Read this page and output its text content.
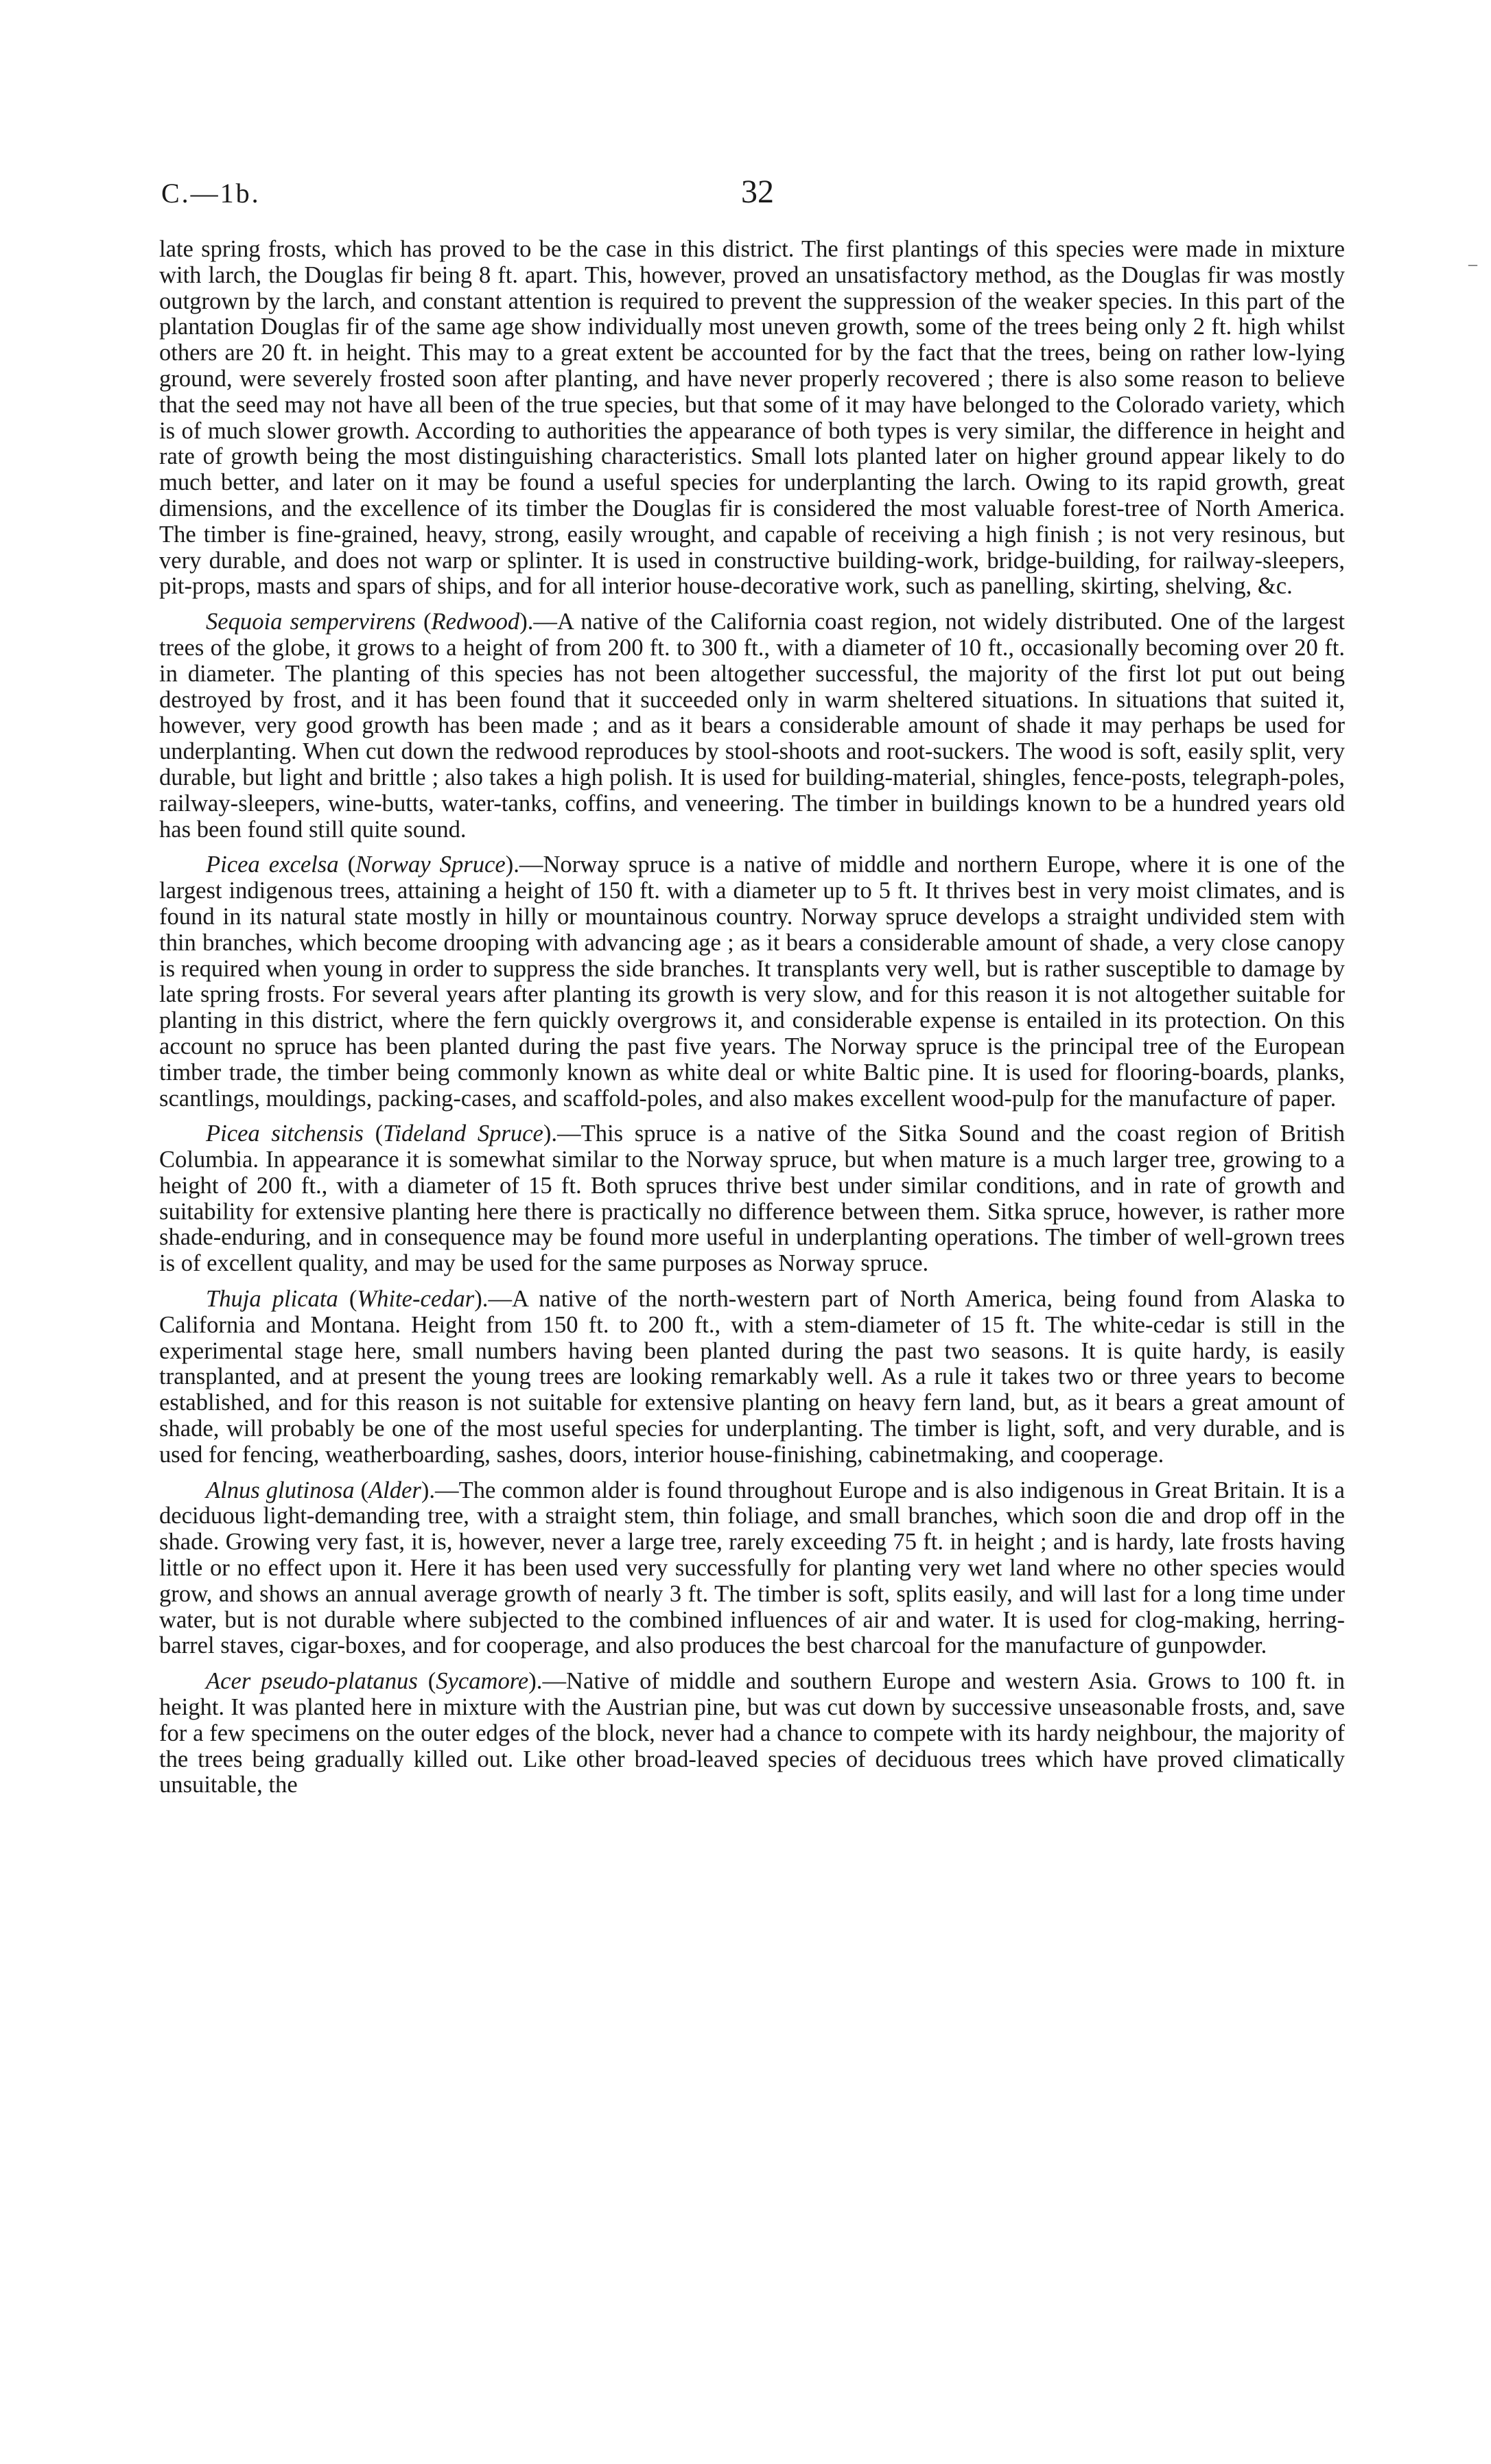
C.—1b.	32
–

late spring frosts, which has proved to be the case in this district. The first plantings of this species were made in mixture with larch, the Douglas fir being 8 ft. apart. This, however, proved an unsatisfactory method, as the Douglas fir was mostly outgrown by the larch, and constant attention is required to prevent the suppression of the weaker species. In this part of the plantation Douglas fir of the same age show individually most uneven growth, some of the trees being only 2 ft. high whilst others are 20 ft. in height. This may to a great extent be accounted for by the fact that the trees, being on rather low-lying ground, were severely frosted soon after planting, and have never properly recovered ; there is also some reason to believe that the seed may not have all been of the true species, but that some of it may have belonged to the Colorado variety, which is of much slower growth. According to authorities the appearance of both types is very similar, the difference in height and rate of growth being the most distinguishing characteristics. Small lots planted later on higher ground appear likely to do much better, and later on it may be found a useful species for underplanting the larch. Owing to its rapid growth, great dimensions, and the excellence of its timber the Douglas fir is considered the most valuable forest-tree of North America. The timber is fine-grained, heavy, strong, easily wrought, and capable of receiving a high finish ; is not very resinous, but very durable, and does not warp or splinter. It is used in constructive building-work, bridge-building, for railway-sleepers, pit-props, masts and spars of ships, and for all interior house-decorative work, such as panelling, skirting, shelving, &c.

Sequoia sempervirens (Redwood).—A native of the California coast region, not widely distributed. One of the largest trees of the globe, it grows to a height of from 200 ft. to 300 ft., with a diameter of 10 ft., occasionally becoming over 20 ft. in diameter. The planting of this species has not been altogether successful, the majority of the first lot put out being destroyed by frost, and it has been found that it succeeded only in warm sheltered situations. In situations that suited it, however, very good growth has been made ; and as it bears a considerable amount of shade it may perhaps be used for underplanting. When cut down the redwood reproduces by stool-shoots and root-suckers. The wood is soft, easily split, very durable, but light and brittle ; also takes a high polish. It is used for building-material, shingles, fence-posts, telegraph-poles, railway-sleepers, wine-butts, water-tanks, coffins, and veneering. The timber in buildings known to be a hundred years old has been found still quite sound.

Picea excelsa (Norway Spruce).—Norway spruce is a native of middle and northern Europe, where it is one of the largest indigenous trees, attaining a height of 150 ft. with a diameter up to 5 ft. It thrives best in very moist climates, and is found in its natural state mostly in hilly or mountainous country. Norway spruce develops a straight undivided stem with thin branches, which become drooping with advancing age ; as it bears a considerable amount of shade, a very close canopy is required when young in order to suppress the side branches. It transplants very well, but is rather susceptible to damage by late spring frosts. For several years after planting its growth is very slow, and for this reason it is not altogether suitable for planting in this district, where the fern quickly overgrows it, and considerable expense is entailed in its protection. On this account no spruce has been planted during the past five years. The Norway spruce is the principal tree of the European timber trade, the timber being commonly known as white deal or white Baltic pine. It is used for flooring-boards, planks, scantlings, mouldings, packing-cases, and scaffold-poles, and also makes excellent wood-pulp for the manufacture of paper.

Picea sitchensis (Tideland Spruce).—This spruce is a native of the Sitka Sound and the coast region of British Columbia. In appearance it is somewhat similar to the Norway spruce, but when mature is a much larger tree, growing to a height of 200 ft., with a diameter of 15 ft. Both spruces thrive best under similar conditions, and in rate of growth and suitability for extensive planting here there is practically no difference between them. Sitka spruce, however, is rather more shade-enduring, and in consequence may be found more useful in underplanting operations. The timber of well-grown trees is of excellent quality, and may be used for the same purposes as Norway spruce.

Thuja plicata (White-cedar).—A native of the north-western part of North America, being found from Alaska to California and Montana. Height from 150 ft. to 200 ft., with a stem-diameter of 15 ft. The white-cedar is still in the experimental stage here, small numbers having been planted during the past two seasons. It is quite hardy, is easily transplanted, and at present the young trees are looking remarkably well. As a rule it takes two or three years to become established, and for this reason is not suitable for extensive planting on heavy fern land, but, as it bears a great amount of shade, will probably be one of the most useful species for underplanting. The timber is light, soft, and very durable, and is used for fencing, weatherboarding, sashes, doors, interior house-finishing, cabinetmaking, and cooperage.

Alnus glutinosa (Alder).—The common alder is found throughout Europe and is also indigenous in Great Britain. It is a deciduous light-demanding tree, with a straight stem, thin foliage, and small branches, which soon die and drop off in the shade. Growing very fast, it is, however, never a large tree, rarely exceeding 75 ft. in height ; and is hardy, late frosts having little or no effect upon it. Here it has been used very successfully for planting very wet land where no other species would grow, and shows an annual average growth of nearly 3 ft. The timber is soft, splits easily, and will last for a long time under water, but is not durable where subjected to the combined influences of air and water. It is used for clog-making, herring-barrel staves, cigar-boxes, and for cooperage, and also produces the best charcoal for the manufacture of gunpowder.

Acer pseudo-platanus (Sycamore).—Native of middle and southern Europe and western Asia. Grows to 100 ft. in height. It was planted here in mixture with the Austrian pine, but was cut down by successive unseasonable frosts, and, save for a few specimens on the outer edges of the block, never had a chance to compete with its hardy neighbour, the majority of the trees being gradually killed out. Like other broad-leaved species of deciduous trees which have proved climatically unsuitable, the
